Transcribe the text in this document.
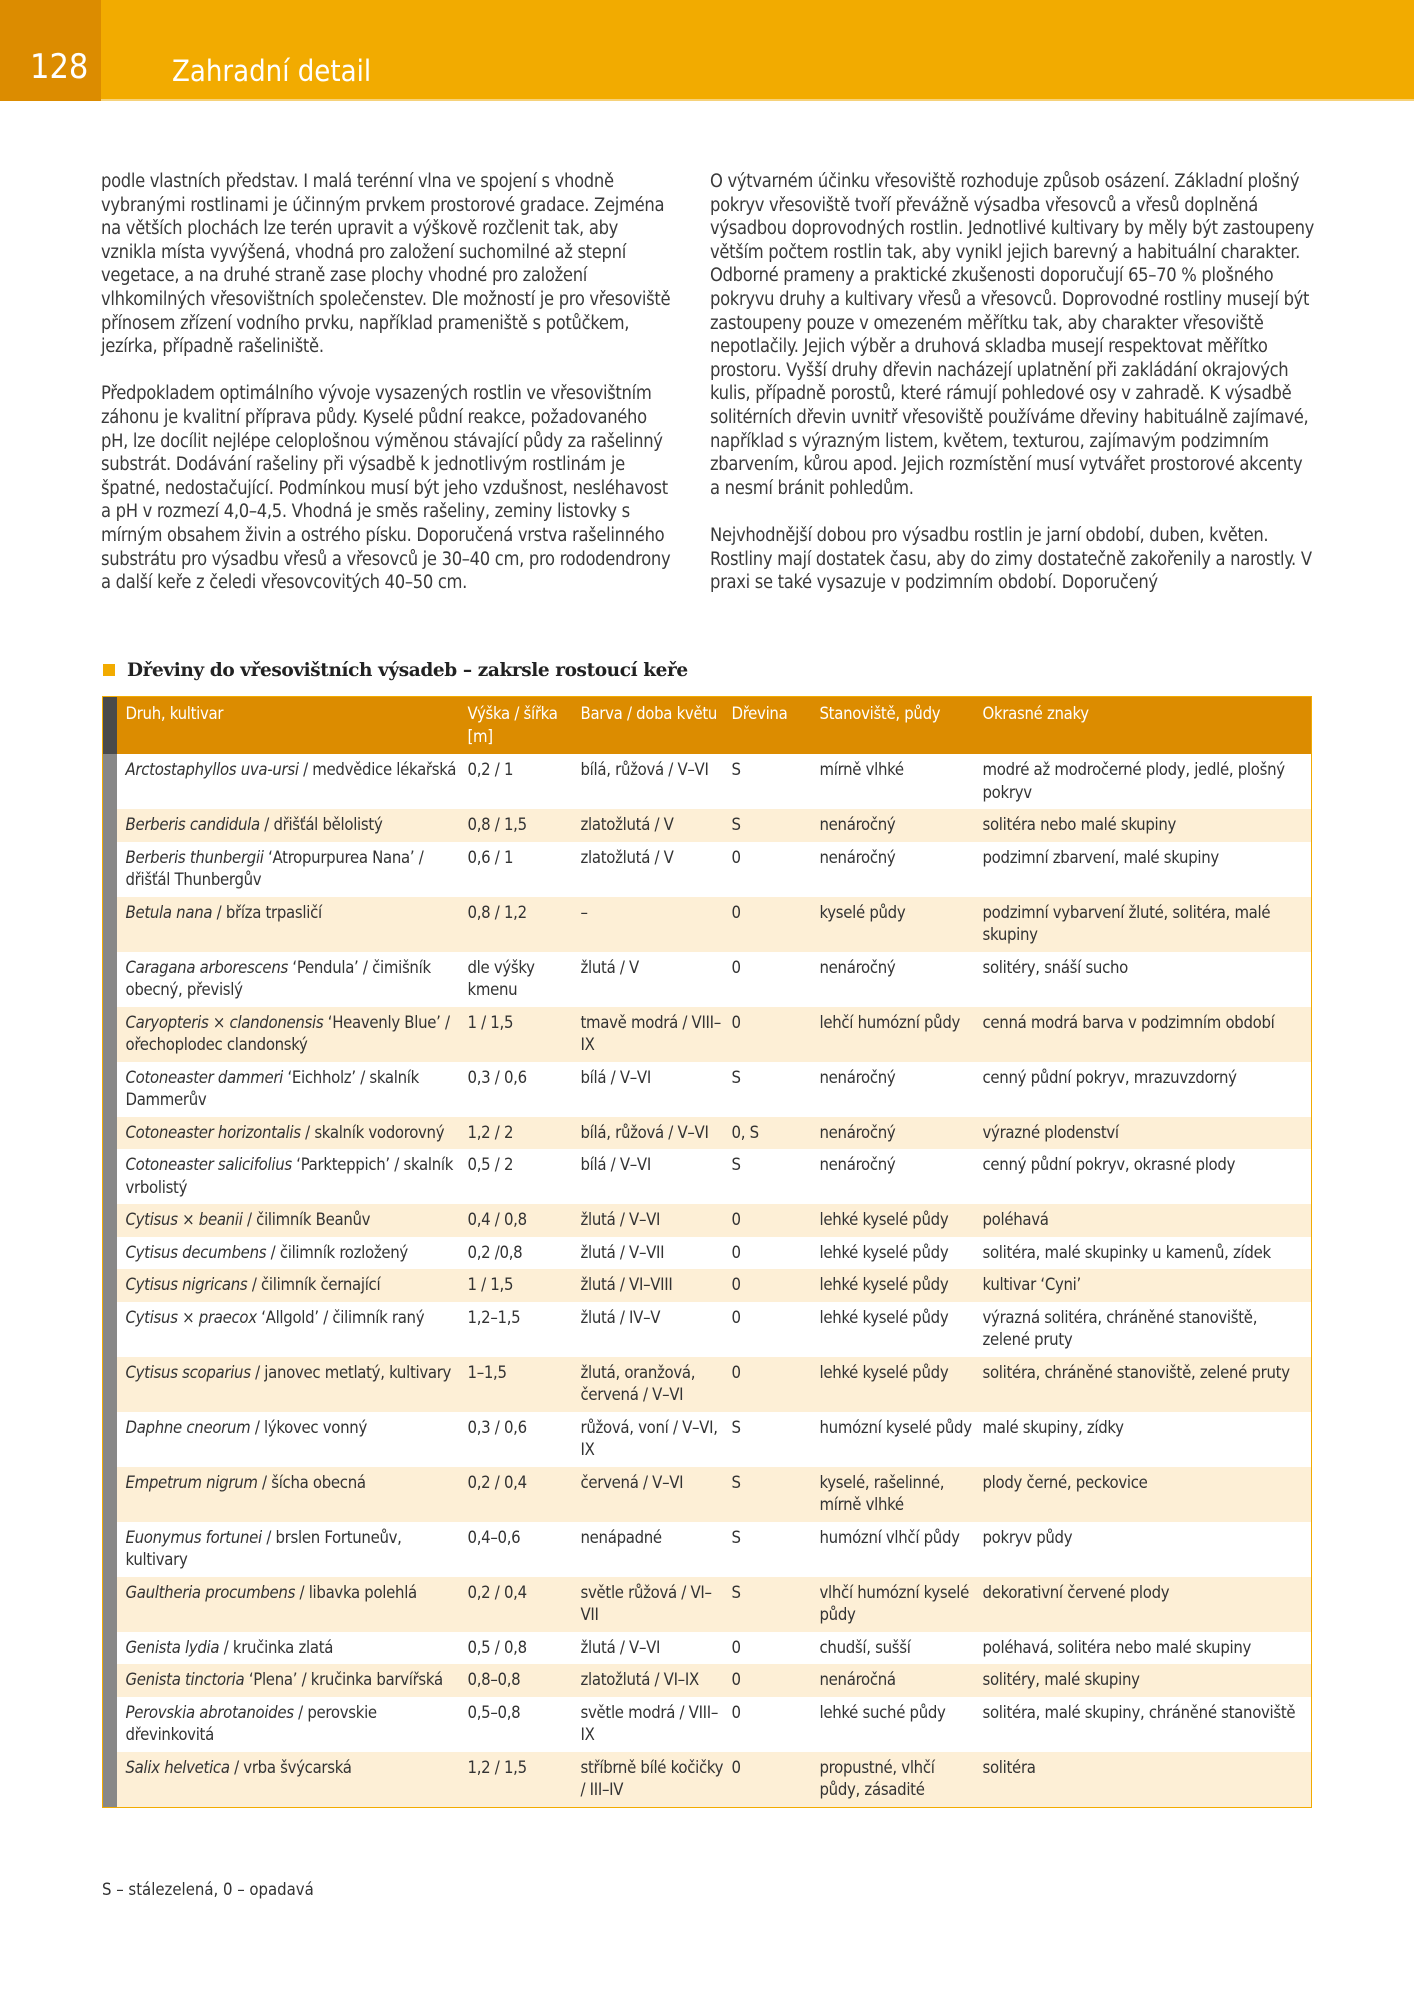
128	Zahradní detail

podle vlastních představ. I malá terénní vlna ve spojení s vhodně vybranými rostlinami je účinným prvkem prostorové gradace. Zejména na větších plochách lze terén upravit a výškově rozčlenit tak, aby vznikla místa vyvýšená, vhodná pro založení suchomilné až stepní vegetace, a na druhé straně zase plochy vhodné pro založení vlhkomilných vřesovištních společenstev. Dle možností je pro vřesoviště přínosem zřízení vodního prvku, například prameniště s potůčkem, jezírka, případně rašeliniště.

Předpokladem optimálního vývoje vysazených rostlin ve vřesovištním záhonu je kvalitní příprava půdy. Kyselé půdní reakce, požadovaného pH, lze docílit nejlépe celoplošnou výměnou stávající půdy za rašelinný substrát. Dodávání rašeliny při výsadbě k jednotlivým rostlinám je špatné, nedostačující. Podmínkou musí být jeho vzdušnost, nesléhavost a pH v rozmezí 4,0–4,5. Vhodná je směs rašeliny, zeminy listovky s mírným obsahem živin a ostrého písku. Doporučená vrstva rašelinného substrátu pro výsadbu vřesů a vřesovců je 30–40 cm, pro rododendrony a další keře z čeledi vřesovcovitých 40–50 cm.

O výtvarném účinku vřesoviště rozhoduje způsob osázení. Základní plošný pokryv vřesoviště tvoří převážně výsadba vřesovců a vřesů doplněná výsadbou doprovodných rostlin. Jednotlivé kultivary by měly být zastoupeny větším počtem rostlin tak, aby vynikl jejich barevný a habituální charakter. Odborné prameny a praktické zkušenosti doporučují 65–70 % plošného pokryvu druhy a kultivary vřesů a vřesovců. Doprovodné rostliny musejí být zastoupeny pouze v omezeném měřítku tak, aby charakter vřesoviště nepotlačily. Jejich výběr a druhová skladba musejí respektovat měřítko prostoru. Vyšší druhy dřevin nacházejí uplatnění při zakládání okrajových kulis, případně porostů, které rámují pohledové osy v zahradě. K výsadbě solitérních dřevin uvnitř vřesoviště používáme dřeviny habituálně zajímavé, například s výrazným listem, květem, texturou, zajímavým podzimním zbarvením, kůrou apod. Jejich rozmístění musí vytvářet prostorové akcenty a nesmí bránit pohledům.

Nejvhodnější dobou pro výsadbu rostlin je jarní období, duben, květen. Rostliny mají dostatek času, aby do zimy dostatečně zakořenily a narostly. V praxi se také vysazuje v podzimním období. Doporučený

Dřeviny do vřesovištních výsadeb – zakrsle rostoucí keře
	Druh, kultivar	Výška / šířka [m]	Barva / doba květu	Dřevina	Stanoviště, půdy	Okrasné znaky
	Arctostaphyllos uva-ursi / medvědice lékařská	0,2 / 1	bílá, růžová / V–VI	S	mírně vlhké	modré až modročerné plody, jedlé, plošný pokryv
	Berberis candidula / dřišťál bělolistý	0,8 / 1,5	zlatožlutá / V	S	nenáročný	solitéra nebo malé skupiny
	Berberis thunbergii ‘Atropurpurea Nana’ / dřišťál Thunbergův	0,6 / 1	zlatožlutá / V	0	nenáročný	podzimní zbarvení, malé skupiny
	Betula nana / bříza trpasličí	0,8 / 1,2	–	0	kyselé půdy	podzimní vybarvení žluté, solitéra, malé skupiny
	Caragana arborescens ‘Pendula’ / čimišník obecný, převislý	dle výšky kmenu	žlutá / V	0	nenáročný	solitéry, snáší sucho
	Caryopteris × clandonensis ‘Heavenly Blue’ / ořechoplodec clandonský	1 / 1,5	tmavě modrá / VIII–IX	0	lehčí humózní půdy	cenná modrá barva v podzimním období
	Cotoneaster dammeri ‘Eichholz’ / skalník Dammerův	0,3 / 0,6	bílá / V–VI	S	nenáročný	cenný půdní pokryv, mrazuvzdorný
	Cotoneaster horizontalis / skalník vodorovný	1,2 / 2	bílá, růžová / V–VI	0, S	nenáročný	výrazné plodenství
	Cotoneaster salicifolius ‘Parkteppich’ / skalník vrbolistý	0,5 / 2	bílá / V–VI	S	nenáročný	cenný půdní pokryv, okrasné plody
	Cytisus × beanii / čilimník Beanův	0,4 / 0,8	žlutá / V–VI	0	lehké kyselé půdy	poléhavá
	Cytisus decumbens / čilimník rozložený	0,2 /0,8	žlutá / V–VII	0	lehké kyselé půdy	solitéra, malé skupinky u kamenů, zídek
	Cytisus nigricans / čilimník černající	1 / 1,5	žlutá / VI–VIII	0	lehké kyselé půdy	kultivar ‘Cyni’
	Cytisus × praecox ‘Allgold’ / čilimník raný	1,2–1,5	žlutá / IV–V	0	lehké kyselé půdy	výrazná solitéra, chráněné stanoviště, zelené pruty
	Cytisus scoparius / janovec metlatý, kultivary	1–1,5	žlutá, oranžová, červená / V–VI	0	lehké kyselé půdy	solitéra, chráněné stanoviště, zelené pruty
	Daphne cneorum / lýkovec vonný	0,3 / 0,6	růžová, voní / V–VI, IX	S	humózní kyselé půdy	malé skupiny, zídky
	Empetrum nigrum / šícha obecná	0,2 / 0,4	červená / V–VI	S	kyselé, rašelinné, mírně vlhké	plody černé, peckovice
	Euonymus fortunei / brslen Fortuneův, kultivary	0,4–0,6	nenápadné	S	humózní vlhčí půdy	pokryv půdy
	Gaultheria procumbens / libavka polehlá	0,2 / 0,4	světle růžová / VI–VII	S	vlhčí humózní kyselé půdy	dekorativní červené plody
	Genista lydia / kručinka zlatá	0,5 / 0,8	žlutá / V–VI	0	chudší, sušší	poléhavá, solitéra nebo malé skupiny
	Genista tinctoria ‘Plena’ / kručinka barvířská	0,8–0,8	zlatožlutá / VI–IX	0	nenáročná	solitéry, malé skupiny
	Perovskia abrotanoides / perovskie dřevinkovitá	0,5–0,8	světle modrá / VIII–IX	0	lehké suché půdy	solitéra, malé skupiny, chráněné stanoviště
	Salix helvetica / vrba švýcarská	1,2 / 1,5	stříbrně bílé kočičky / III–IV	0	propustné, vlhčí půdy, zásadité	solitéra
S – stálezelená, 0 – opadavá
